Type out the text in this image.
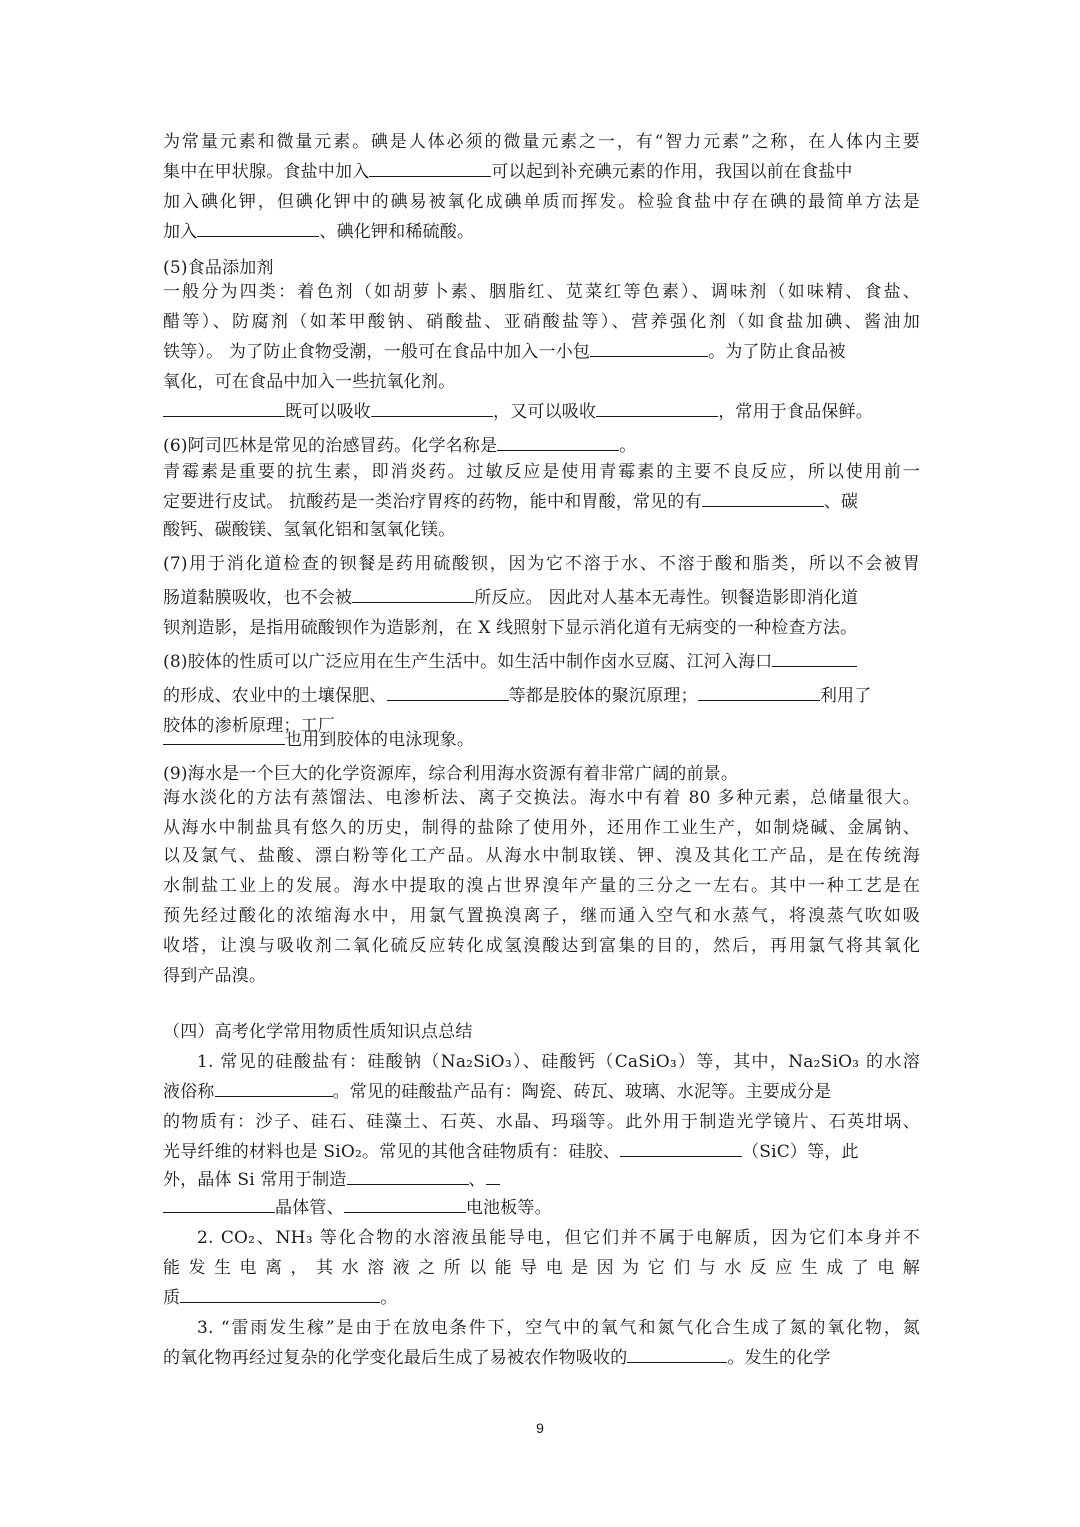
为常量元素和微量元素。碘是人体必须的微量元素之一，有“智力元素”之称，在人体内主要
集中在甲状腺。食盐中加入	可以起到补充碘元素的作用，我国以前在食盐中
加入碘化钾，但碘化钾中的碘易被氧化成碘单质而挥发。检验食盐中存在碘的最简单方法是
加入	、碘化钾和稀硫酸。
(5)食品添加剂
一般分为四类：着色剂（如胡萝卜素、胭脂红、苋菜红等色素）、调味剂（如味精、食盐、
醋等）、防腐剂（如苯甲酸钠、硝酸盐、亚硝酸盐等）、营养强化剂（如食盐加碘、酱油加
铁等）。 为了防止食物受潮，一般可在食品中加入一小包	。为了防止食品被
氧化，可在食品中加入一些抗氧化剂。
既可以吸收	，又可以吸收	，常用于食品保鲜。
(6)阿司匹林是常见的治感冒药。化学名称是	。
青霉素是重要的抗生素，即消炎药。过敏反应是使用青霉素的主要不良反应，所以使用前一
定要进行皮试。 抗酸药是一类治疗胃疼的药物，能中和胃酸，常见的有	、碳
酸钙、碳酸镁、氢氧化铝和氢氧化镁。
(7)用于消化道检查的钡餐是药用硫酸钡，因为它不溶于水、不溶于酸和脂类，所以不会被胃
肠道黏膜吸收，也不会被	所反应。 因此对人基本无毒性。钡餐造影即消化道
钡剂造影，是指用硫酸钡作为造影剂，在 X 线照射下显示消化道有无病变的一种检查方法。
(8)胶体的性质可以广泛应用在生产生活中。如生活中制作卤水豆腐、江河入海口
的形成、农业中的土壤保肥、	等都是胶体的聚沉原理；	利用了
胶体的渗析原理；工厂
也用到胶体的电泳现象。
(9)海水是一个巨大的化学资源库，综合利用海水资源有着非常广阔的前景。
海水淡化的方法有蒸馏法、电渗析法、离子交换法。海水中有着 80 多种元素，总储量很大。
从海水中制盐具有悠久的历史，制得的盐除了使用外，还用作工业生产，如制烧碱、金属钠、
以及氯气、盐酸、漂白粉等化工产品。从海水中制取镁、钾、溴及其化工产品，是在传统海
水制盐工业上的发展。海水中提取的溴占世界溴年产量的三分之一左右。其中一种工艺是在
预先经过酸化的浓缩海水中，用氯气置换溴离子，继而通入空气和水蒸气，将溴蒸气吹如吸
收塔，让溴与吸收剂二氧化硫反应转化成氢溴酸达到富集的目的，然后，再用氯气将其氧化
得到产品溴。
（四）高考化学常用物质性质知识点总结
1. 常见的硅酸盐有：硅酸钠（Na₂SiO₃）、硅酸钙（CaSiO₃）等，其中，Na₂SiO₃ 的水溶
液俗称	。常见的硅酸盐产品有：陶瓷、砖瓦、玻璃、水泥等。主要成分是
的物质有：沙子、硅石、硅藻土、石英、水晶、玛瑙等。此外用于制造光学镜片、石英坩埚、
光导纤维的材料也是 SiO₂。常见的其他含硅物质有：硅胶、	（SiC）等，此
外，晶体 Si 常用于制造	、
晶体管、	电池板等。
2. CO₂、NH₃ 等化合物的水溶液虽能导电，但它们并不属于电解质，因为它们本身并不
能发生电离，其水溶液之所以能导电是因为它们与水反应生成了电解
质	。
3. “雷雨发生稼”是由于在放电条件下，空气中的氧气和氮气化合生成了氮的氧化物，氮
的氧化物再经过复杂的化学变化最后生成了易被农作物吸收的	。发生的化学
9
